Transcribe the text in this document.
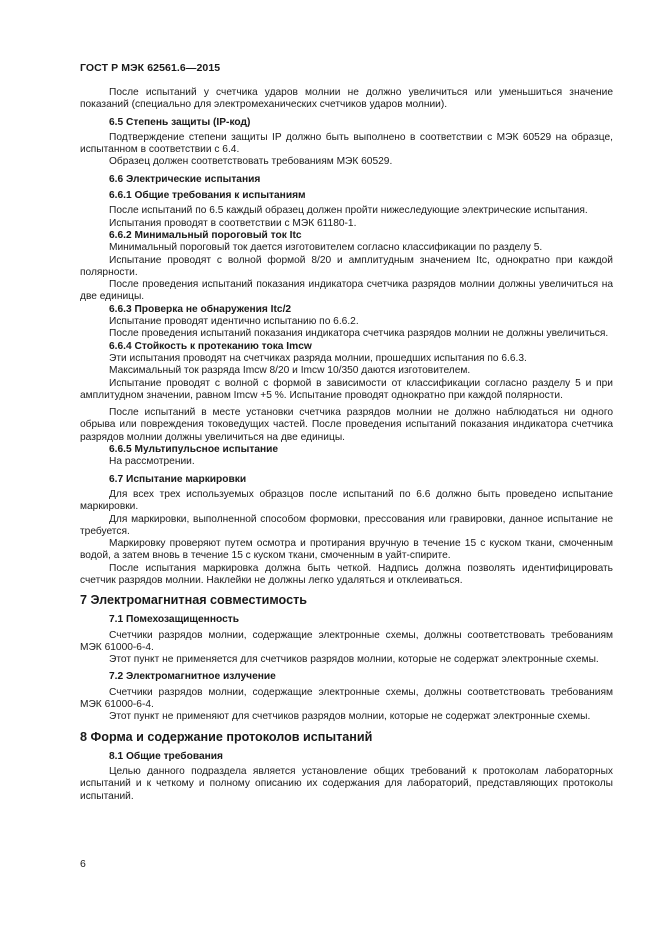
ГОСТ Р МЭК 62561.6—2015

После испытаний у счетчика ударов молнии не должно увеличиться или уменьшиться значение показаний (специально для электромеханических счетчиков ударов молнии).

6.5 Степень защиты (IP-код)

Подтверждение степени защиты IP должно быть выполнено в соответствии с МЭК 60529 на образце, испытанном в соответствии с 6.4.

Образец должен соответствовать требованиям МЭК 60529.

6.6 Электрические испытания

6.6.1 Общие требования к испытаниям

После испытаний по 6.5 каждый образец должен пройти нижеследующие электрические испытания.

Испытания проводят в соответствии с МЭК 61180-1.

6.6.2 Минимальный пороговый ток Itc

Минимальный пороговый ток дается изготовителем согласно классификации по разделу 5.

Испытание проводят с волной формой 8/20 и амплитудным значением Itc, однократно при каждой полярности.

После проведения испытаний показания индикатора счетчика разрядов молнии должны увеличиться на две единицы.

6.6.3 Проверка не обнаружения Itc/2

Испытание проводят идентично испытанию по 6.6.2.

После проведения испытаний показания индикатора счетчика разрядов молнии не должны увеличиться.

6.6.4 Стойкость к протеканию тока Imcw

Эти испытания проводят на счетчиках разряда молнии, прошедших испытания по 6.6.3.

Максимальный ток разряда Imcw 8/20 и Imcw 10/350 даются изготовителем.

Испытание проводят с волной с формой в зависимости от классификации согласно разделу 5 и при амплитудном значении, равном Imcw +5 %. Испытание проводят однократно при каждой полярности.

После испытаний в месте установки счетчика разрядов молнии не должно наблюдаться ни одного обрыва или повреждения токоведущих частей. После проведения испытаний показания индикатора счетчика разрядов молнии должны увеличиться на две единицы.

6.6.5 Мультипульсное испытание

На рассмотрении.

6.7 Испытание маркировки

Для всех трех используемых образцов после испытаний по 6.6 должно быть проведено испытание маркировки.

Для маркировки, выполненной способом формовки, прессования или гравировки, данное испытание не требуется.

Маркировку проверяют путем осмотра и протирания вручную в течение 15 с куском ткани, смоченным водой, а затем вновь в течение 15 с куском ткани, смоченным в уайт-спирите.

После испытания маркировка должна быть четкой. Надпись должна позволять идентифицировать счетчик разрядов молнии. Наклейки не должны легко удаляться и отклеиваться.

7 Электромагнитная совместимость

7.1 Помехозащищенность

Счетчики разрядов молнии, содержащие электронные схемы, должны соответствовать требованиям МЭК 61000-6-4.

Этот пункт не применяется для счетчиков разрядов молнии, которые не содержат электронные схемы.

7.2 Электромагнитное излучение

Счетчики разрядов молнии, содержащие электронные схемы, должны соответствовать требованиям МЭК 61000-6-4.

Этот пункт не применяют для счетчиков разрядов молнии, которые не содержат электронные схемы.

8 Форма и содержание протоколов испытаний

8.1 Общие требования

Целью данного подраздела является установление общих требований к протоколам лабораторных испытаний и к четкому и полному описанию их содержания для лабораторий, представляющих протоколы испытаний.

6
